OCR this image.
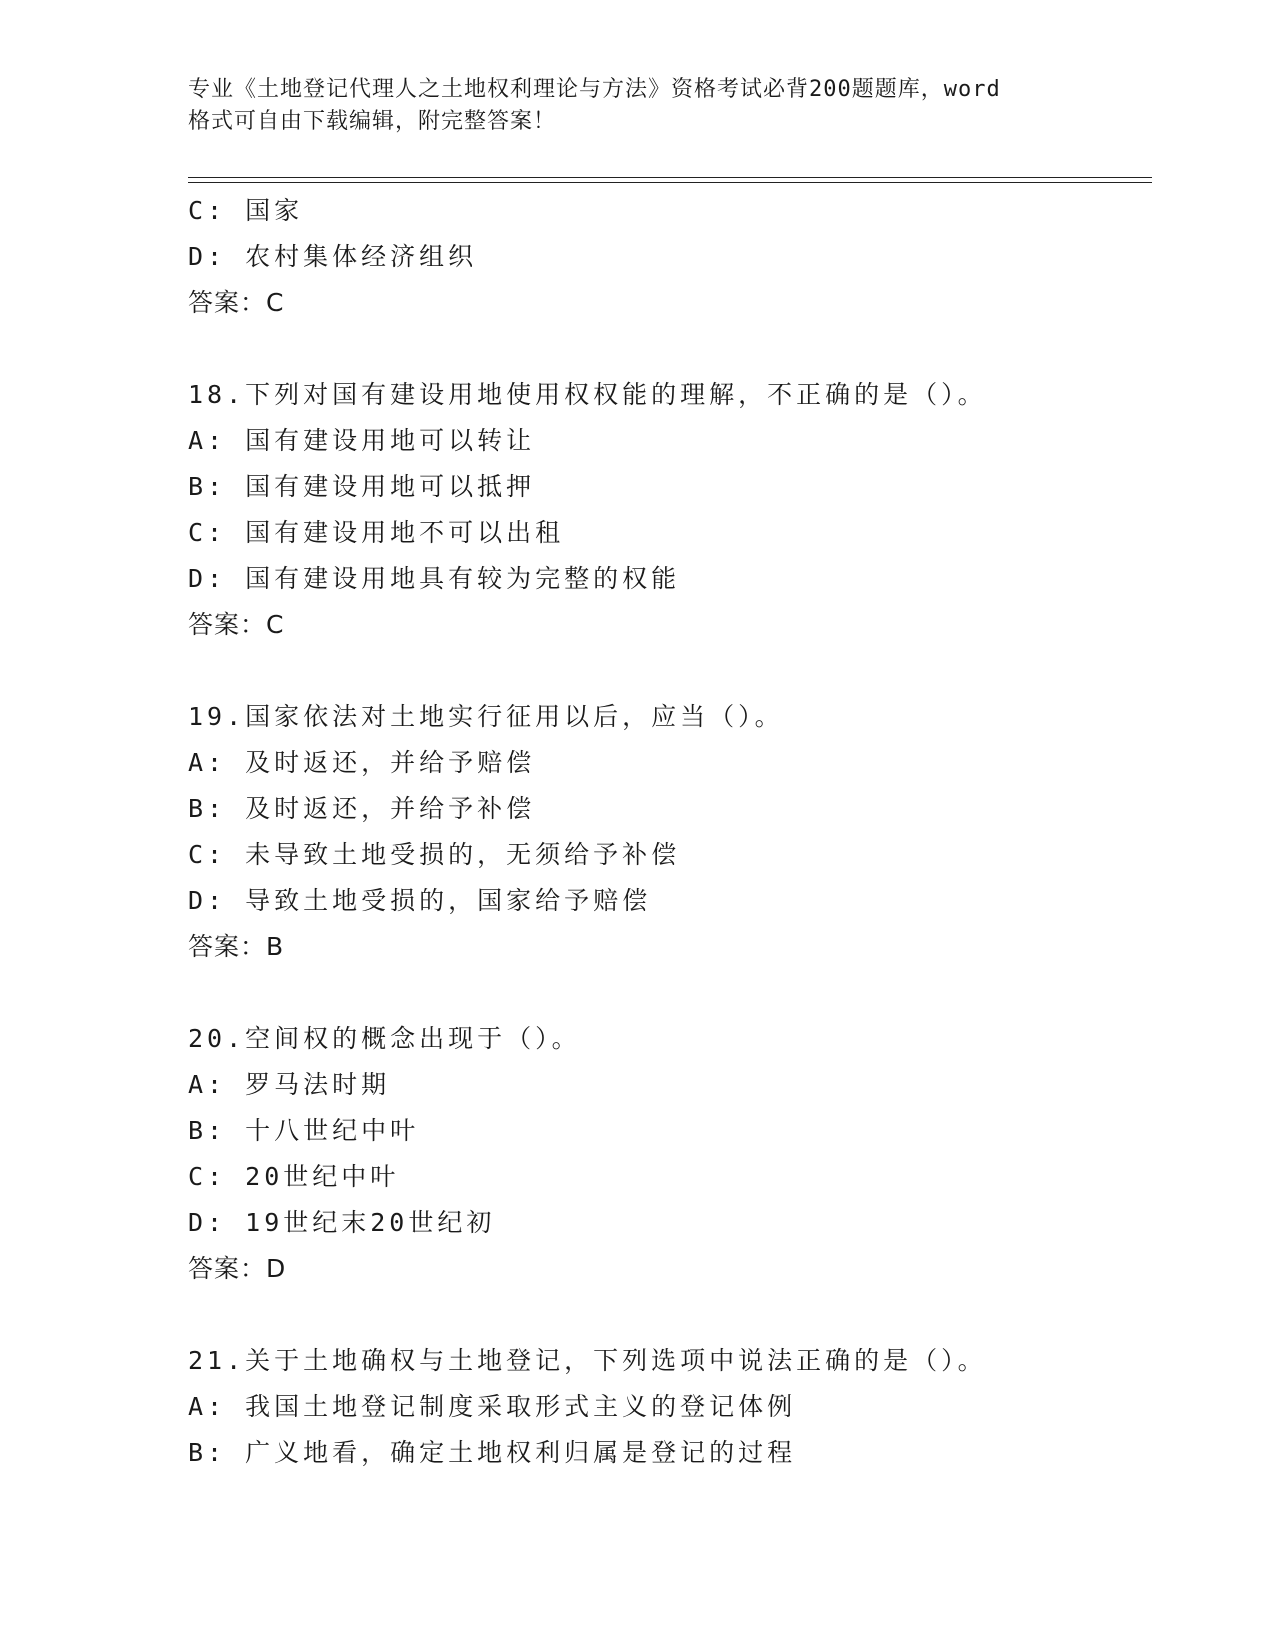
专业《土地登记代理人之土地权利理论与方法》资格考试必背200题题库，word
格式可自由下载编辑，附完整答案！
C: 国家
D: 农村集体经济组织
答案：C
18.下列对国有建设用地使用权权能的理解，不正确的是（）。
A: 国有建设用地可以转让
B: 国有建设用地可以抵押
C: 国有建设用地不可以出租
D: 国有建设用地具有较为完整的权能
答案：C
19.国家依法对土地实行征用以后，应当（）。
A: 及时返还，并给予赔偿
B: 及时返还，并给予补偿
C: 未导致土地受损的，无须给予补偿
D: 导致土地受损的，国家给予赔偿
答案：B
20.空间权的概念出现于（）。
A: 罗马法时期
B: 十八世纪中叶
C: 20世纪中叶
D: 19世纪末20世纪初
答案：D
21.关于土地确权与土地登记，下列选项中说法正确的是（）。
A: 我国土地登记制度采取形式主义的登记体例
B: 广义地看，确定土地权利归属是登记的过程
